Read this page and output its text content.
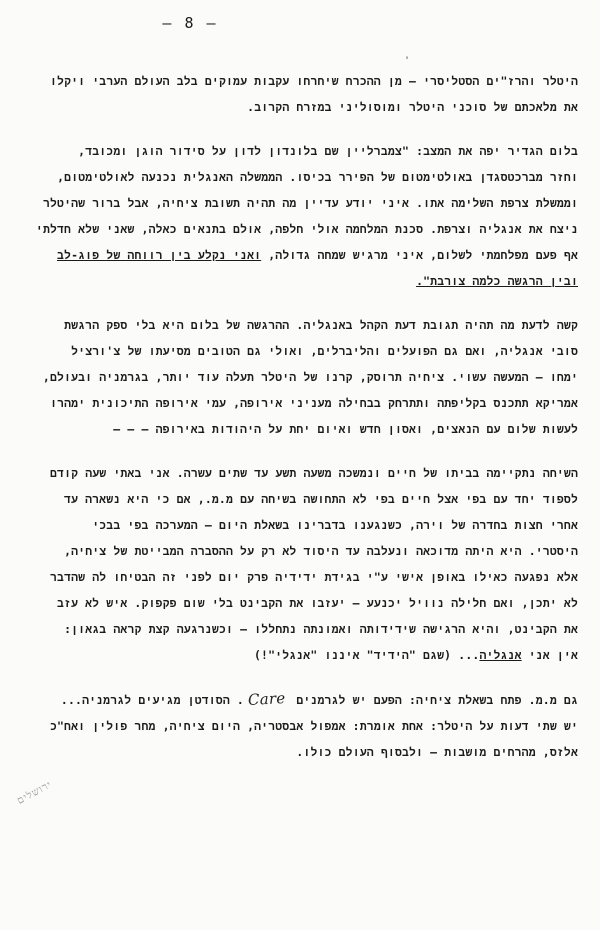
– 8 –
ˈ
היטלר והרז"ים הסטליסרי – מן ההכרח שיחרחו עקבות עמוקים בלב העולם הערבי ויקלו
את מלאכתם של סוכני היטלר ומוסוליני במזרח הקרוב.
בלום הגדיר יפה את המצב: "צמברליין שם בלונדון לדון על סידור הוגן ומכובד,
וחזר מברכטסגדן באולטימטום של הפירר בכיסו. הממשלה האנגלית נכנעה לאולטימטום,
וממשלת צרפת השלימה אתו. איני יודע עדיין מה תהיה תשובת ציחיה, אבל ברור שהיטלר
ניצח את אנגליה וצרפת. סכנת המלחמה אולי חלפה, אולם בתנאים כאלה, שאני שלא חדלתי
אף פעם מפלחמתי לשלום, איני מרגיש שמחה גדולה, ואני נקלע בין רווחה של פוג-לב
ובין הרגשה כלמה צורבת".
קשה לדעת מה תהיה תגובת דעת הקהל באנגליה. ההרגשה של בלום היא בלי ספק הרגשת
סובי אנגליה, ואם גם הפועלים והליברלים, ואולי גם הטובים מסיעתו של צ'ורציל
ימחו – המעשה עשוי. ציחיה תרוסק, קרנו של היטלר תעלה עוד יותר, בגרמניה ובעולם,
אמריקא תתכנס בקליפתה ותתרחק בבחילה מעניני אירופה, עמי אירופה התיכונית ימהרו
לעשות שלום עם הנאצים, ואסון חדש ואיום יחת על היהודות באירופה – – –
השיחה נתקיימה בביתו של חיים ונמשכה משעה תשע עד שתים עשרה. אני באתי שעה קודם
לספוד יחד עם בפי אצל חיים בפי לא התחושה בשיחה עם מ.מ., אם כי היא נשארה עד
אחרי חצות בחדרה של וירה, כשנגענו בדברינו בשאלת היום – המערכה בפי בבכי
היסטרי. היא היתה מדוכאה ונעלבה עד היסוד לא רק על ההסברה המבייטת של ציחיה,
אלא נפגעה כאילו באופן אישי ע"י בגידת ידידיה פרק יום לפני זה הבטיחו לה שהדבר
לא יתכן, ואם חלילה נוויל יכנעע – יעזבו את הקבינט בלי שום פקפוק. איש לא עזב
את הקבינט, והיא הרגישה שידידותה ואמונתה נתחללו – וכשנרגעה קצת קראה בגאון:
אין אני אנגליה... (שגם "הידיד" איננו "אנגלי"!)
גם מ.מ. פתח בשאלת ציחיה: הפעם יש לגרמנים Care. הסודטן מגיעים לגרמניה...
יש שתי דעות על היטלר: אחת אומרת: אמפול אבסטריה, היום ציחיה, מחר פולין ואח"כ
אלזס, מהרחים מושבות – ולבסוף העולם כולו.
ירושלים
